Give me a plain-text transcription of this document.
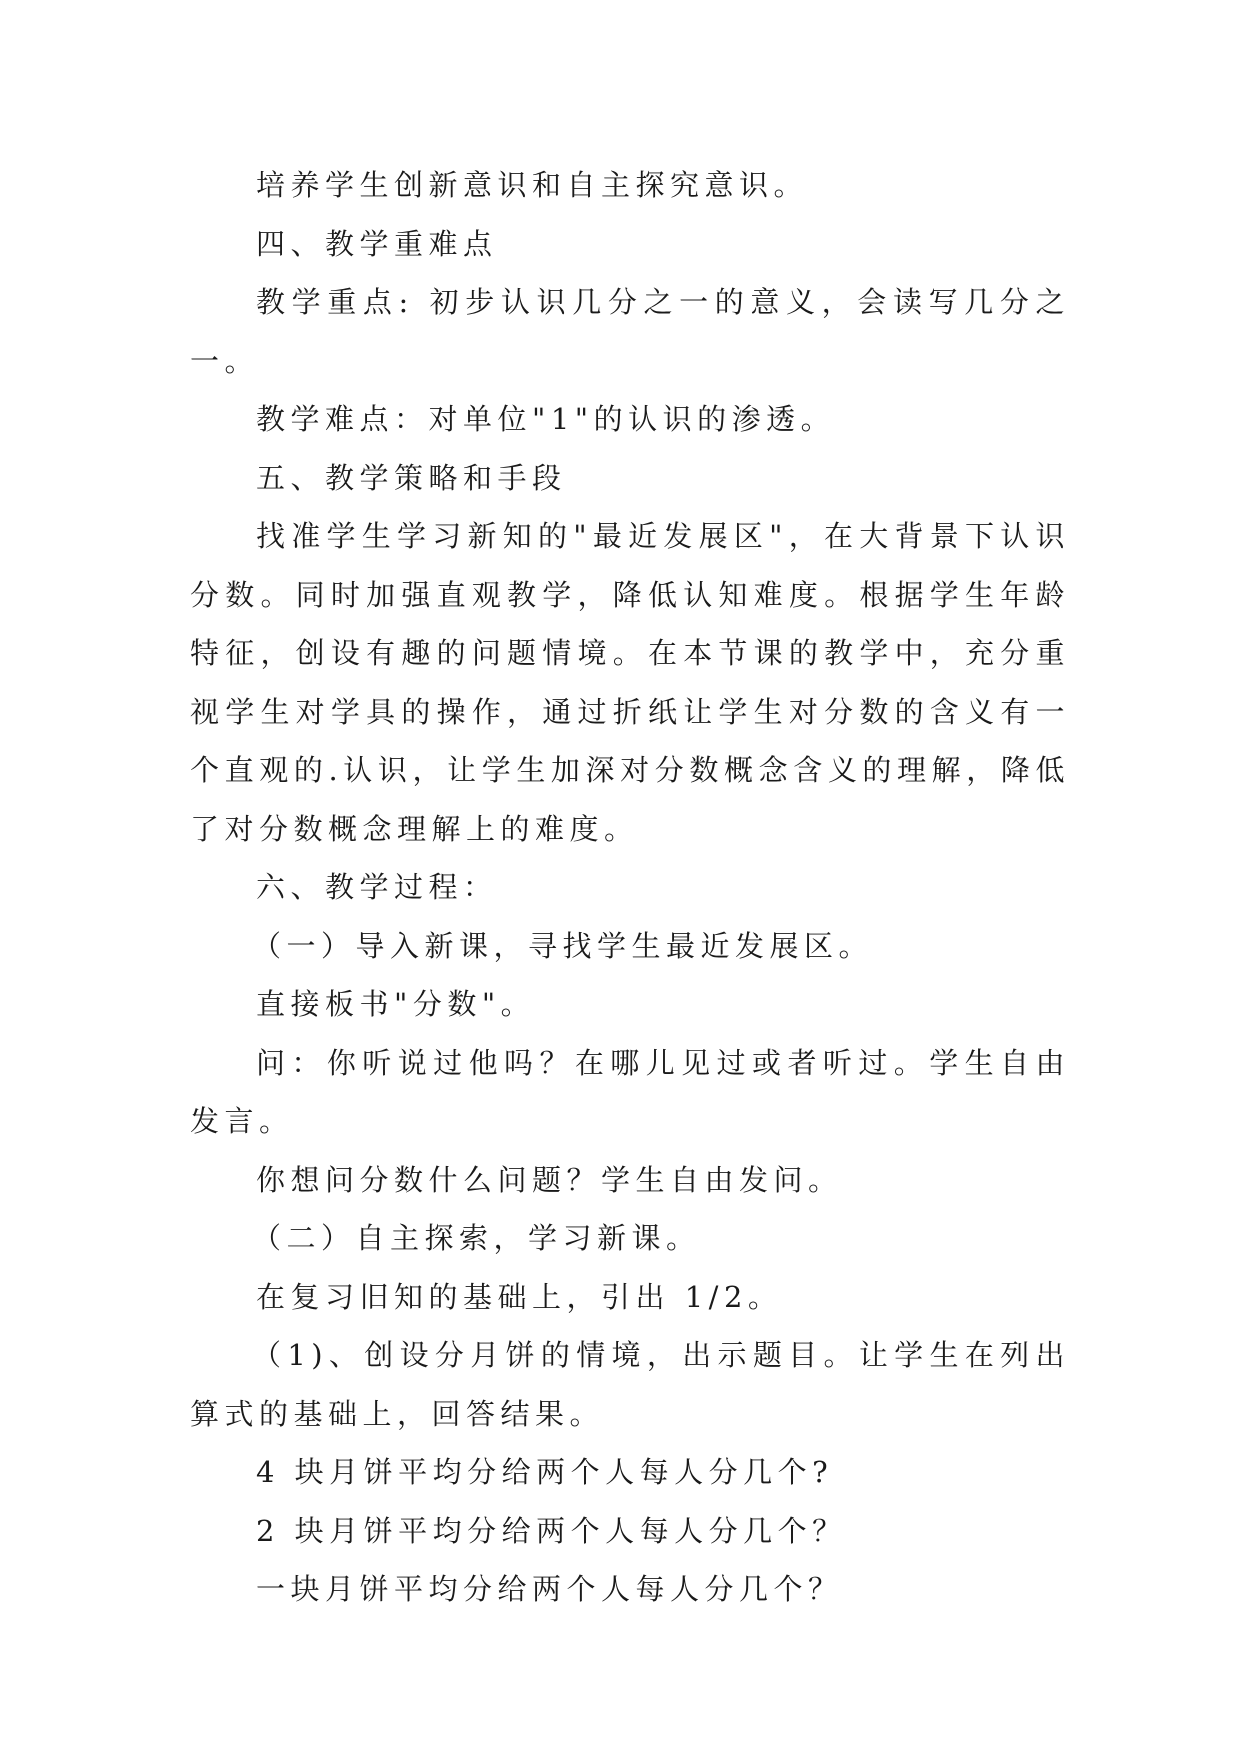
培养学生创新意识和自主探究意识。

四、教学重难点

教学重点: 初步认识几分之一的意义，会读写几分之一。

教学难点：对单位"1"的认识的渗透。

五、教学策略和手段

找准学生学习新知的"最近发展区"，在大背景下认识分数。同时加强直观教学，降低认知难度。根据学生年龄特征，创设有趣的问题情境。在本节课的教学中，充分重视学生对学具的操作，通过折纸让学生对分数的含义有一个直观的.认识，让学生加深对分数概念含义的理解，降低了对分数概念理解上的难度。

六、教学过程：

（一）导入新课，寻找学生最近发展区。

直接板书"分数"。

问：你听说过他吗？在哪儿见过或者听过。学生自由发言。

你想问分数什么问题？学生自由发问。

（二）自主探索，学习新课。

在复习旧知的基础上，引出 1/2。

（1)、创设分月饼的情境，出示题目。让学生在列出算式的基础上，回答结果。

4 块月饼平均分给两个人每人分几个?

2 块月饼平均分给两个人每人分几个？

一块月饼平均分给两个人每人分几个？
